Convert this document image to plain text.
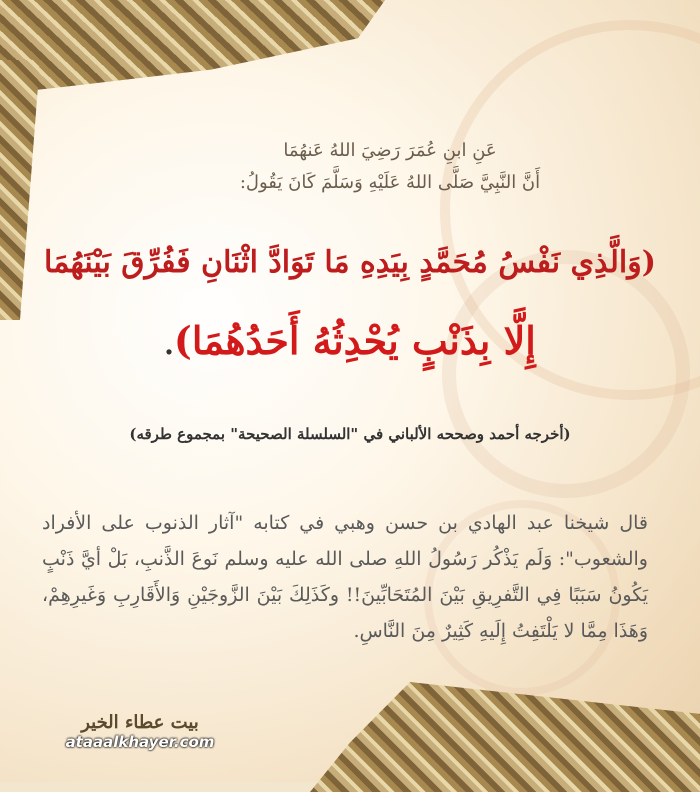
عَنِ ابنِ عُمَرَ رَضِيَ اللهُ عَنهُمَا
أَنَّ النَّبِيَّ صَلَّى اللهُ عَلَيْهِ وَسَلَّمَ كَانَ يَقُولُ:
(وَالَّذِي نَفْسُ مُحَمَّدٍ بِيَدِهِ مَا تَوَادَّ اثْنَانِ فَفُرِّقَ بَيْنَهُمَا
إِلَّا بِذَنْبٍ يُحْدِثُهُ أَحَدُهُمَا).
(أخرجه أحمد وصححه الألباني في "السلسلة الصحيحة" بمجموع طرقه)
قال شيخنا عبد الهادي بن حسن وهبي في كتابه "آثار الذنوب على الأفراد والشعوب": وَلَم يَذْكُر رَسُولُ اللهِ صلى الله عليه وسلم نَوعَ الذَّنبِ، بَلْ أيَّ ذَنْبٍ يَكُونُ سَبَبًا فِي التَّفرِيقِ بَيْنَ المُتَحَابِّينَ!! وكَذَلِكَ بَيْنَ الزَّوجَيْنِ وَالأَقَارِبِ وَغَيرِهِمْ، وَهَذَا مِمَّا لا يَلْتَفِتُ إِلَيهِ كَثِيرٌ مِنَ النَّاسِ.
بيت عطاء الخير
ataaalkhayer.com
